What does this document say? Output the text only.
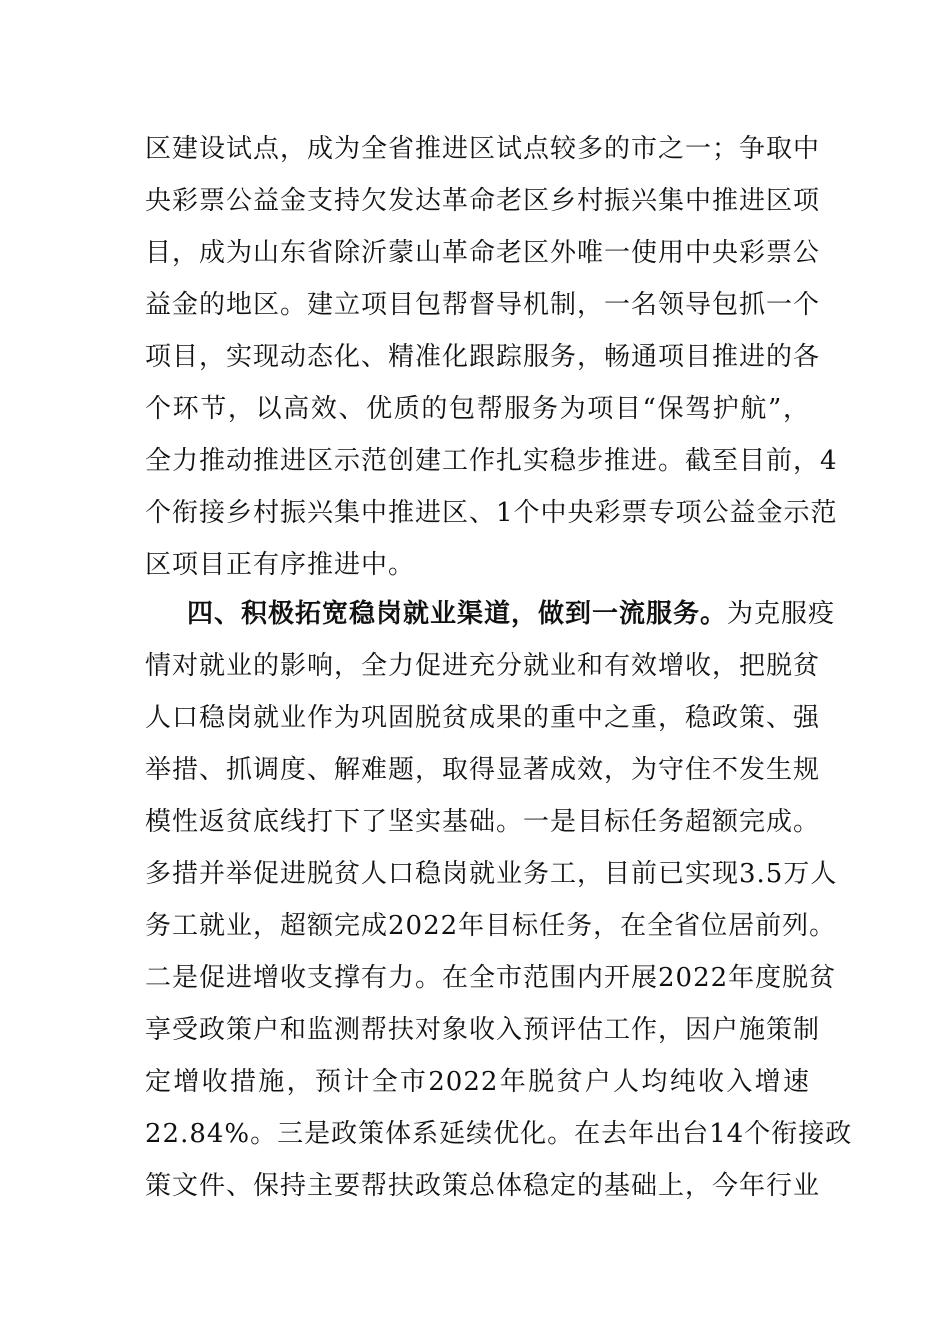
区建设试点，成为全省推进区试点较多的市之一；争取中
央彩票公益金支持欠发达革命老区乡村振兴集中推进区项
目，成为山东省除沂蒙山革命老区外唯一使用中央彩票公
益金的地区。建立项目包帮督导机制，一名领导包抓一个
项目，实现动态化、精准化跟踪服务，畅通项目推进的各
个环节，以高效、优质的包帮服务为项目“保驾护航”，
全力推动推进区示范创建工作扎实稳步推进。截至目前，4
个衔接乡村振兴集中推进区、1个中央彩票专项公益金示范
区项目正有序推进中。
四、积极拓宽稳岗就业渠道，做到一流服务。为克服疫
情对就业的影响，全力促进充分就业和有效增收，把脱贫
人口稳岗就业作为巩固脱贫成果的重中之重，稳政策、强
举措、抓调度、解难题，取得显著成效，为守住不发生规
模性返贫底线打下了坚实基础。一是目标任务超额完成。
多措并举促进脱贫人口稳岗就业务工，目前已实现3.5万人
务工就业，超额完成2022年目标任务，在全省位居前列。
二是促进增收支撑有力。在全市范围内开展2022年度脱贫
享受政策户和监测帮扶对象收入预评估工作，因户施策制
定增收措施，预计全市2022年脱贫户人均纯收入增速
22.84%。三是政策体系延续优化。在去年出台14个衔接政
策文件、保持主要帮扶政策总体稳定的基础上，今年行业
